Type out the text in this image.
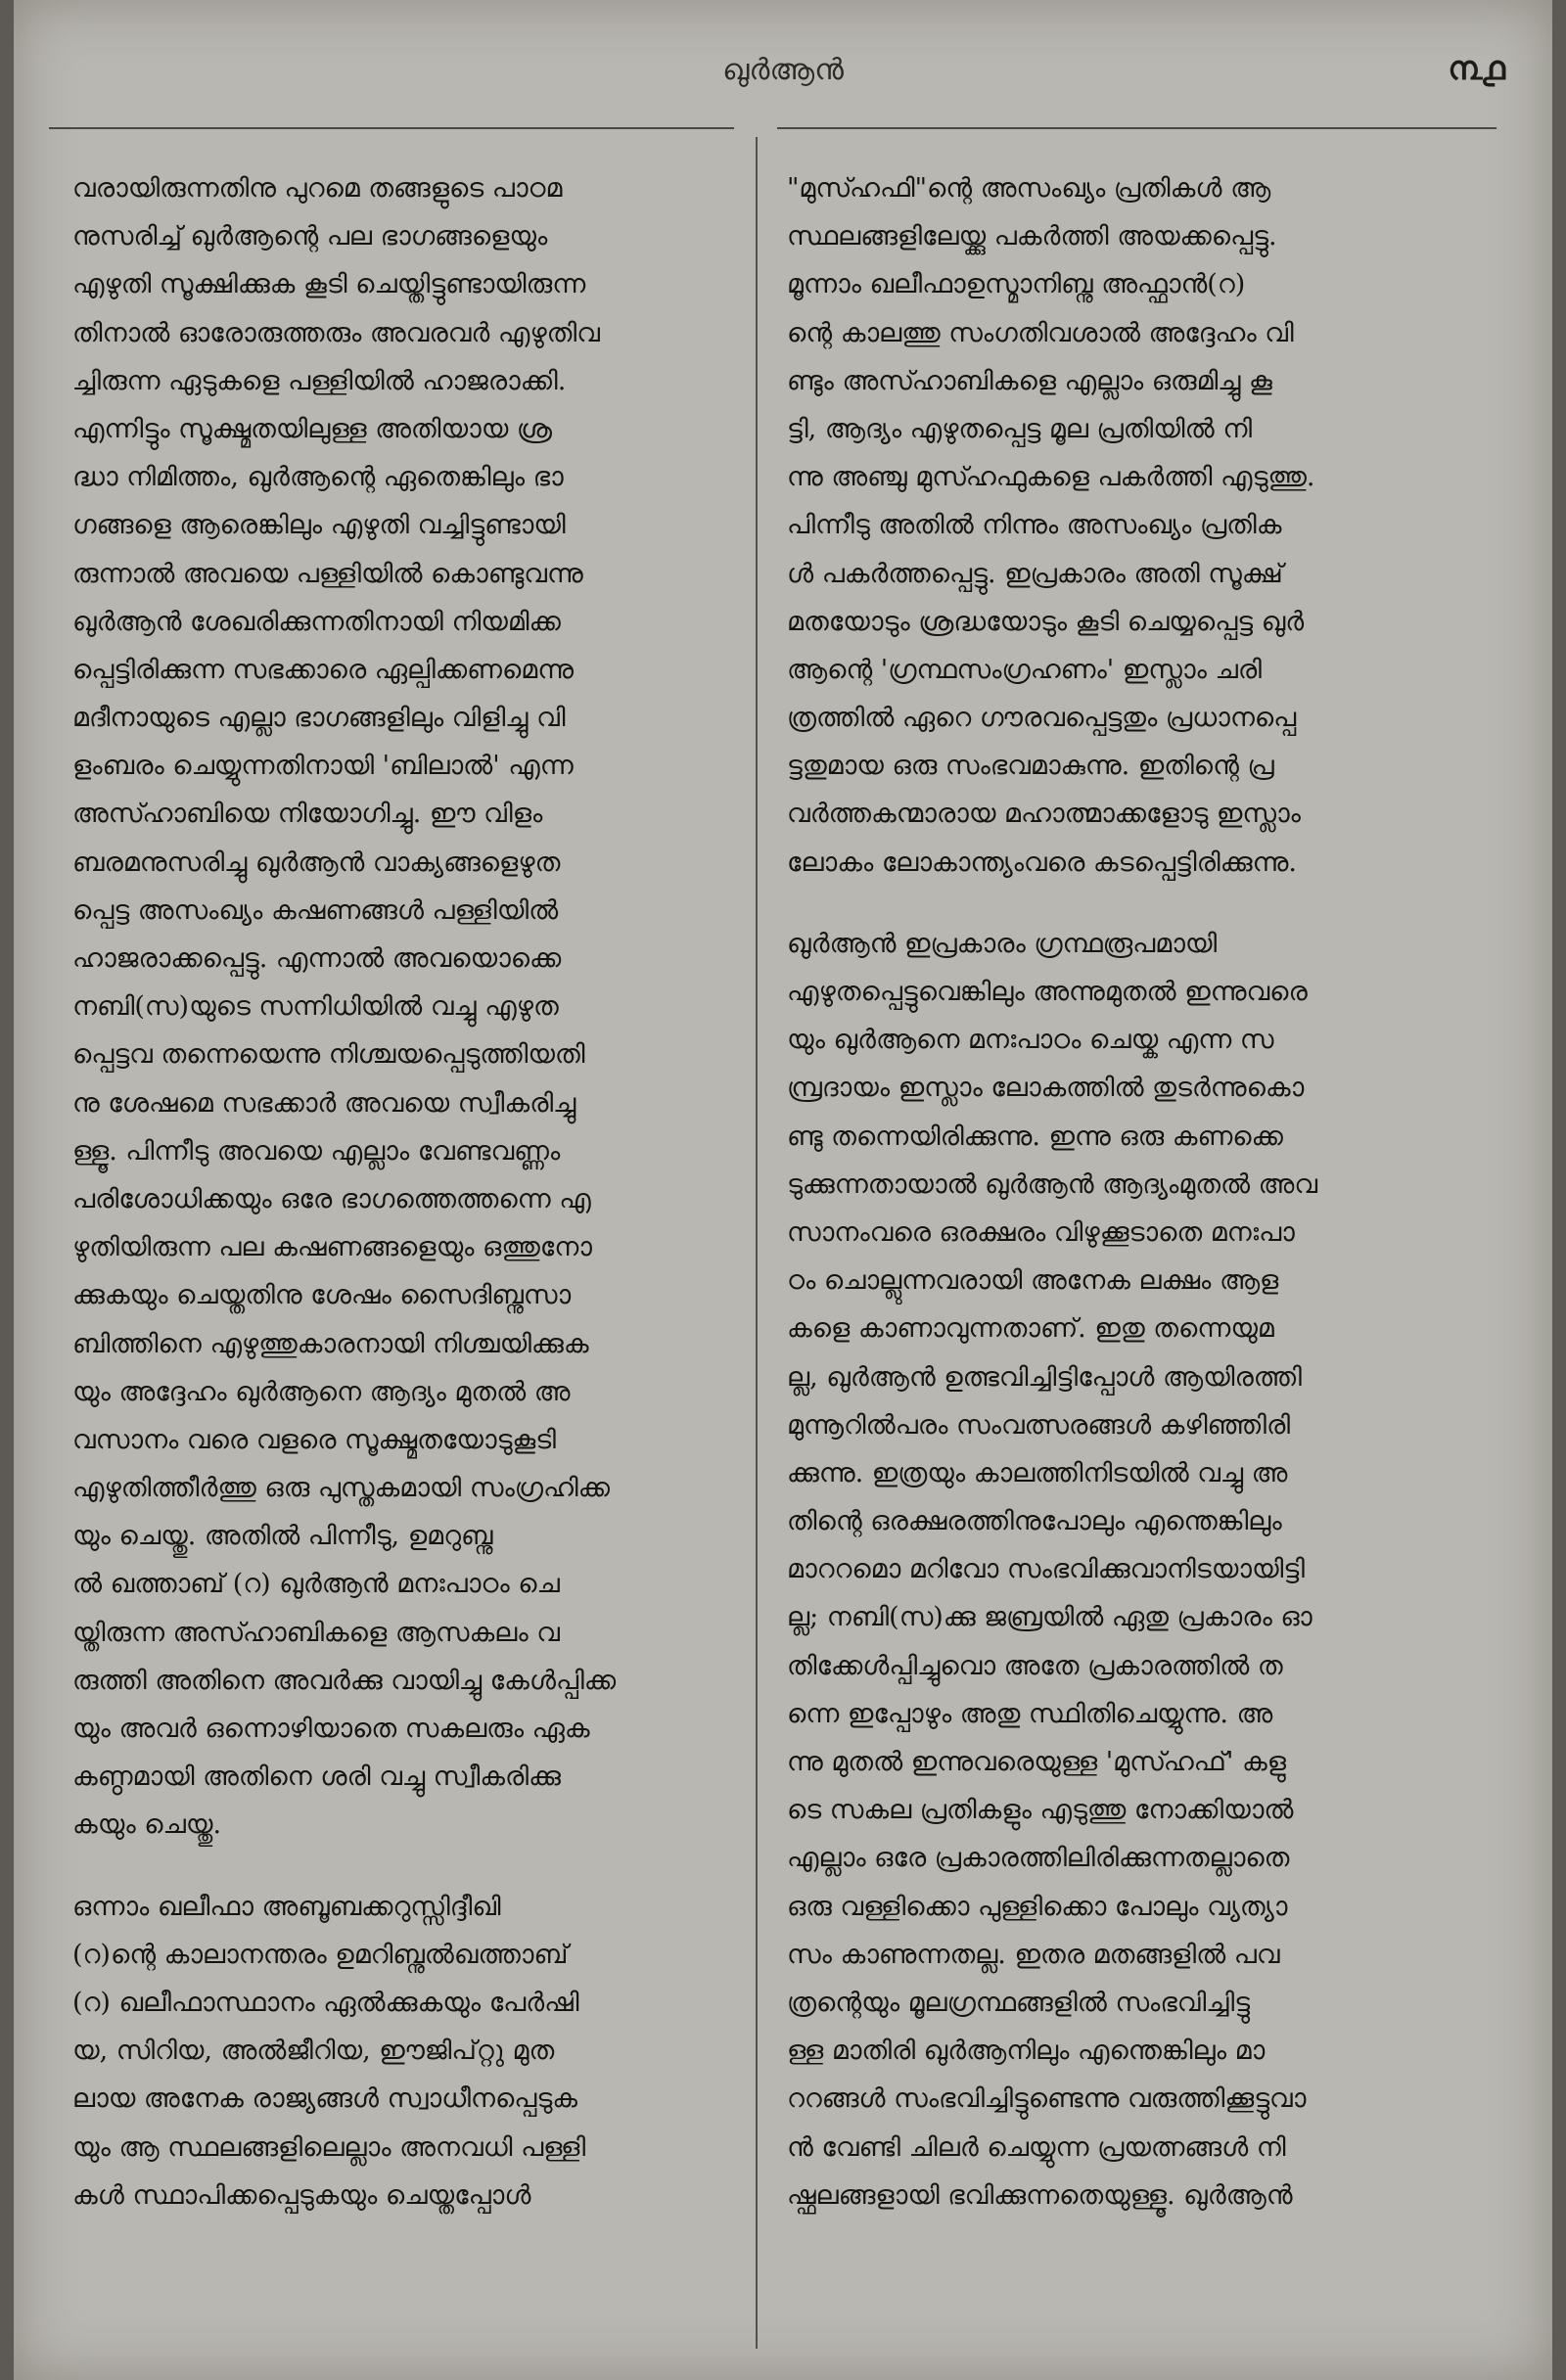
ഖുർആൻ	൩൧
വരായിരുന്നതിനു പുറമെ തങ്ങളുടെ പാഠമ
നുസരിച്ച് ഖുർആന്റെ പല ഭാഗങ്ങളെയും
എഴുതി സൂക്ഷിക്കുക കൂടി ചെയ്തിട്ടുണ്ടായിരുന്ന
തിനാൽ ഓരോരുത്തരും അവരവർ എഴുതിവ
ച്ചിരുന്ന ഏടുകളെ പള്ളിയിൽ ഹാജരാക്കി.
എന്നിട്ടും സൂക്ഷ്മതയിലുള്ള അതിയായ ശ്ര
ദ്ധാ നിമിത്തം, ഖുർആന്റെ ഏതെങ്കിലും ഭാ
ഗങ്ങളെ ആരെങ്കിലും എഴുതി വച്ചിട്ടുണ്ടായി
രുന്നാൽ അവയെ പള്ളിയിൽ കൊണ്ടുവന്നു
ഖുർആൻ ശേഖരിക്കുന്നതിനായി നിയമിക്ക
പ്പെട്ടിരിക്കുന്ന സഭക്കാരെ ഏല്പിക്കണമെന്നു
മദീനായുടെ എല്ലാ ഭാഗങ്ങളിലും വിളിച്ചു വി
ളംബരം ചെയ്യുന്നതിനായി 'ബിലാൽ' എന്ന
അസ്ഹാബിയെ നിയോഗിച്ചു. ഈ വിളം
ബരമനുസരിച്ചു ഖുർആൻ വാക്യങ്ങളെഴുത
പ്പെട്ട അസംഖ്യം കഷണങ്ങൾ പള്ളിയിൽ
ഹാജരാക്കപ്പെട്ടു. എന്നാൽ അവയൊക്കെ
നബി(സ)യുടെ സന്നിധിയിൽ വച്ചു എഴുത
പ്പെട്ടവ തന്നെയെന്നു നിശ്ചയപ്പെടുത്തിയതി
നു ശേഷമെ സഭക്കാർ അവയെ സ്വീകരിച്ചു
ള്ളൂ. പിന്നീടു അവയെ എല്ലാം വേണ്ടവണ്ണം
പരിശോധിക്കയും ഒരേ ഭാഗത്തെത്തന്നെ എ
ഴുതിയിരുന്ന പല കഷണങ്ങളെയും ഒത്തുനോ
ക്കുകയും ചെയ്തതിനു ശേഷം സൈദിബ്നുസാ
ബിത്തിനെ എഴുത്തുകാരനായി നിശ്ചയിക്കുക
യും അദ്ദേഹം ഖുർആനെ ആദ്യം മുതൽ അ
വസാനം വരെ വളരെ സൂക്ഷ്മതയോടുകൂടി
എഴുതിത്തീർത്തു ഒരു പുസ്തകമായി സംഗ്രഹിക്ക
യും ചെയ്തു. അതിൽ പിന്നീടു, ഉമറുബ്നു
ൽ ഖത്താബ് (റ) ഖുർആൻ മനഃപാഠം ചെ
യ്തിരുന്ന അസ്ഹാബികളെ ആസകലം വ
രുത്തി അതിനെ അവർക്കു വായിച്ചു കേൾപ്പിക്ക
യും അവർ ഒന്നൊഴിയാതെ സകലരും ഏക
കണ്ഠമായി അതിനെ ശരി വച്ചു സ്വീകരിക്കു
കയും ചെയ്തു.
ഒന്നാം ഖലീഫാ അബൂബക്കറുസ്സിദ്ദീഖി
(റ)ന്റെ കാലാനന്തരം ഉമറിബ്നുൽഖത്താബ്
(റ) ഖലീഫാസ്ഥാനം ഏൽക്കുകയും പേർഷി
യ, സിറിയ, അൽജീറിയ, ഈജിപ്റ്റു മുത
ലായ അനേക രാജ്യങ്ങൾ സ്വാധീനപ്പെടുക
യും ആ സ്ഥലങ്ങളിലെല്ലാം അനവധി പള്ളി
കൾ സ്ഥാപിക്കപ്പെടുകയും ചെയ്തപ്പോൾ
"മുസ്ഹഫി"ന്റെ അസംഖ്യം പ്രതികൾ ആ
സ്ഥലങ്ങളിലേയ്ക്കു പകർത്തി അയക്കപ്പെട്ടു.
മൂന്നാം ഖലീഫാഉസ്മാനിബ്നു അഫ്ഫാൻ(റ)
ന്റെ കാലത്തു സംഗതിവശാൽ അദ്ദേഹം വി
ണ്ടും അസ്ഹാബികളെ എല്ലാം ഒരുമിച്ചു കൂ
ട്ടി, ആദ്യം എഴുതപ്പെട്ട മൂല പ്രതിയിൽ നി
ന്നു അഞ്ചു മുസ്ഹഫുകളെ പകർത്തി എടുത്തു.
പിന്നീടു അതിൽ നിന്നും അസംഖ്യം പ്രതിക
ൾ പകർത്തപ്പെട്ടു. ഇപ്രകാരം അതി സൂക്ഷ്
മതയോടും ശ്രദ്ധയോടും കൂടി ചെയ്യപ്പെട്ട ഖുർ
ആന്റെ 'ഗ്രന്ഥസംഗ്രഹണം' ഇസ്ലാം ചരി
ത്രത്തിൽ ഏറെ ഗൗരവപ്പെട്ടതും പ്രധാനപ്പെ
ട്ടതുമായ ഒരു സംഭവമാകുന്നു. ഇതിന്റെ പ്ര
വർത്തകന്മാരായ മഹാത്മാക്കളോടു ഇസ്ലാം
ലോകം ലോകാന്ത്യംവരെ കടപ്പെട്ടിരിക്കുന്നു.
ഖുർആൻ ഇപ്രകാരം ഗ്രന്ഥരൂപമായി
എഴുതപ്പെട്ടുവെങ്കിലും അന്നുമുതൽ ഇന്നുവരെ
യും ഖുർആനെ മനഃപാഠം ചെയ്ക എന്ന സ
മ്പ്രദായം ഇസ്ലാം ലോകത്തിൽ തുടർന്നുകൊ
ണ്ടു തന്നെയിരിക്കുന്നു. ഇന്നു ഒരു കണക്കെ
ടുക്കുന്നതായാൽ ഖുർആൻ ആദ്യംമുതൽ അവ
സാനംവരെ ഒരക്ഷരം വിഴുക്കൂടാതെ മനഃപാ
ഠം ചൊല്ലുന്നവരായി അനേക ലക്ഷം ആള
കളെ കാണാവുന്നതാണ്. ഇതു തന്നെയുമ
ല്ല, ഖുർആൻ ഉത്ഭവിച്ചിട്ടിപ്പോൾ ആയിരത്തി
മുന്നൂറിൽപരം സംവത്സരങ്ങൾ കഴിഞ്ഞിരി
ക്കുന്നു. ഇത്രയും കാലത്തിനിടയിൽ വച്ചു അ
തിന്റെ ഒരക്ഷരത്തിനുപോലും എന്തെങ്കിലും
മാററമൊ മറിവോ സംഭവിക്കുവാനിടയായിട്ടി
ല്ല; നബി(സ)ക്കു ജബ്രയിൽ ഏതു പ്രകാരം ഓ
തിക്കേൾപ്പിച്ചുവൊ അതേ പ്രകാരത്തിൽ ത
ന്നെ ഇപ്പോഴും അതു സ്ഥിതിചെയ്യുന്നു. അ
ന്നു മുതൽ ഇന്നുവരെയുള്ള 'മുസ്ഹഫ്' കളു
ടെ സകല പ്രതികളും എടുത്തു നോക്കിയാൽ
എല്ലാം ഒരേ പ്രകാരത്തിലിരിക്കുന്നതല്ലാതെ
ഒരു വള്ളിക്കൊ പുള്ളിക്കൊ പോലും വ്യത്യാ
സം കാണുന്നതല്ല. ഇതര മതങ്ങളിൽ പവ
ത്രന്റെയും മൂലഗ്രന്ഥങ്ങളിൽ സംഭവിച്ചിട്ടു
ള്ള മാതിരി ഖുർആനിലും എന്തെങ്കിലും മാ
ററങ്ങൾ സംഭവിച്ചിട്ടുണ്ടെന്നു വരുത്തിക്കൂട്ടുവാ
ൻ വേണ്ടി ചിലർ ചെയ്യുന്ന പ്രയത്നങ്ങൾ നി
ഷ്ഫലങ്ങളായി ഭവിക്കുന്നതെയുള്ളൂ. ഖുർആൻ
